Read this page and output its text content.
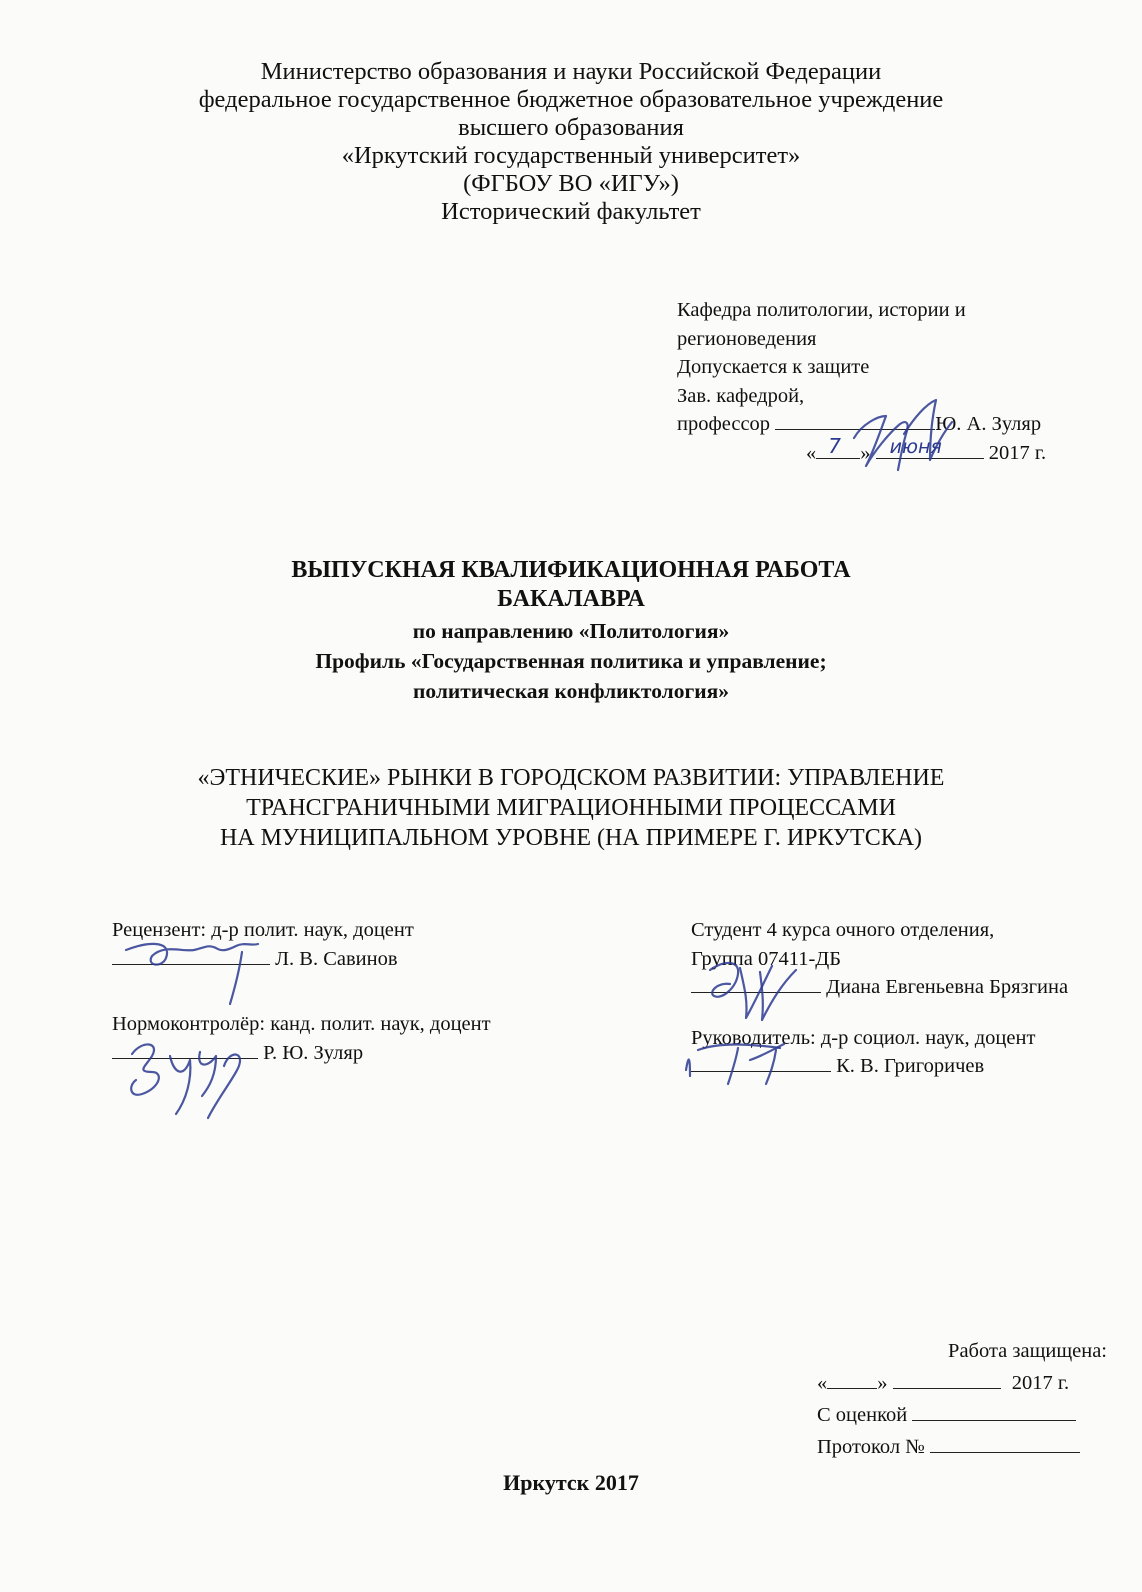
Министерство образования и науки Российской Федерации
федеральное государственное бюджетное образовательное учреждение
высшего образования
«Иркутский государственный университет»
(ФГБОУ ВО «ИГУ»)
Исторический факультет
Кафедра политологии, истории и
регионоведения
Допускается к защите
Зав. кафедрой,
профессор	Ю. А. Зуляр
« 7 » июня 2017 г.
ВЫПУСКНАЯ КВАЛИФИКАЦИОННАЯ РАБОТА
БАКАЛАВРА
по направлению «Политология»
Профиль «Государственная политика и управление;
политическая конфликтология»
«ЭТНИЧЕСКИЕ» РЫНКИ В ГОРОДСКОМ РАЗВИТИИ: УПРАВЛЕНИЕ
ТРАНСГРАНИЧНЫМИ МИГРАЦИОННЫМИ ПРОЦЕССАМИ
НА МУНИЦИПАЛЬНОМ УРОВНЕ (НА ПРИМЕРЕ Г. ИРКУТСКА)
Рецензент: д-р полит. наук, доцент
Л. В. Савинов
Нормоконтролёр: канд. полит. наук, доцент
Р. Ю. Зуляр
Студент 4 курса очного отделения,
Группа 07411-ДБ
Диана Евгеньевна Брязгина
Руководитель: д-р социол. наук, доцент
К. В. Григоричев
Работа защищена:
« »	2017 г.
С оценкой
Протокол №
Иркутск 2017
